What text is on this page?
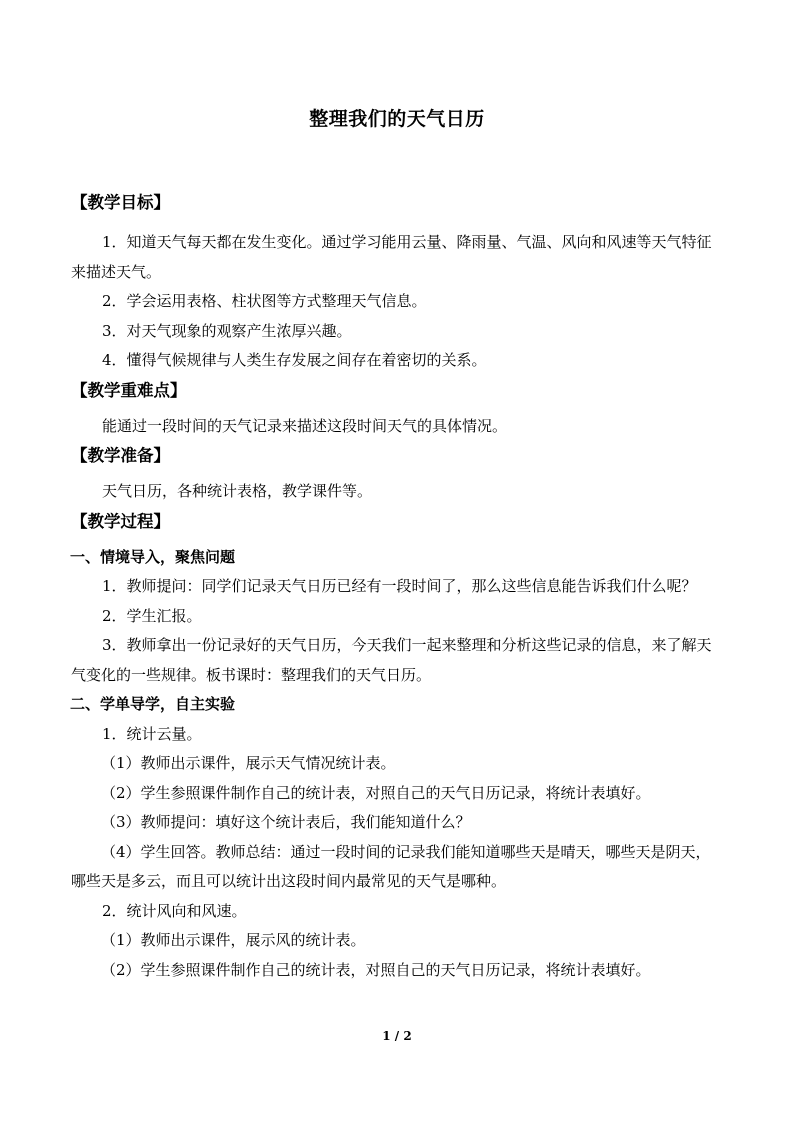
整理我们的天气日历
【教学目标】

1．知道天气每天都在发生变化。通过学习能用云量、降雨量、气温、风向和风速等天气特征来描述天气。

2．学会运用表格、柱状图等方式整理天气信息。

3．对天气现象的观察产生浓厚兴趣。

4．懂得气候规律与人类生存发展之间存在着密切的关系。

【教学重难点】

能通过一段时间的天气记录来描述这段时间天气的具体情况。

【教学准备】

天气日历，各种统计表格，教学课件等。

【教学过程】
一、情境导入，聚焦问题

1．教师提问：同学们记录天气日历已经有一段时间了，那么这些信息能告诉我们什么呢？

2．学生汇报。

3．教师拿出一份记录好的天气日历，今天我们一起来整理和分析这些记录的信息，来了解天气变化的一些规律。板书课时：整理我们的天气日历。

二、学单导学，自主实验

1．统计云量。

（1）教师出示课件，展示天气情况统计表。

（2）学生参照课件制作自己的统计表，对照自己的天气日历记录，将统计表填好。

（3）教师提问：填好这个统计表后，我们能知道什么？

（4）学生回答。教师总结：通过一段时间的记录我们能知道哪些天是晴天，哪些天是阴天，哪些天是多云，而且可以统计出这段时间内最常见的天气是哪种。

2．统计风向和风速。

（1）教师出示课件，展示风的统计表。

（2）学生参照课件制作自己的统计表，对照自己的天气日历记录，将统计表填好。

1 / 2
